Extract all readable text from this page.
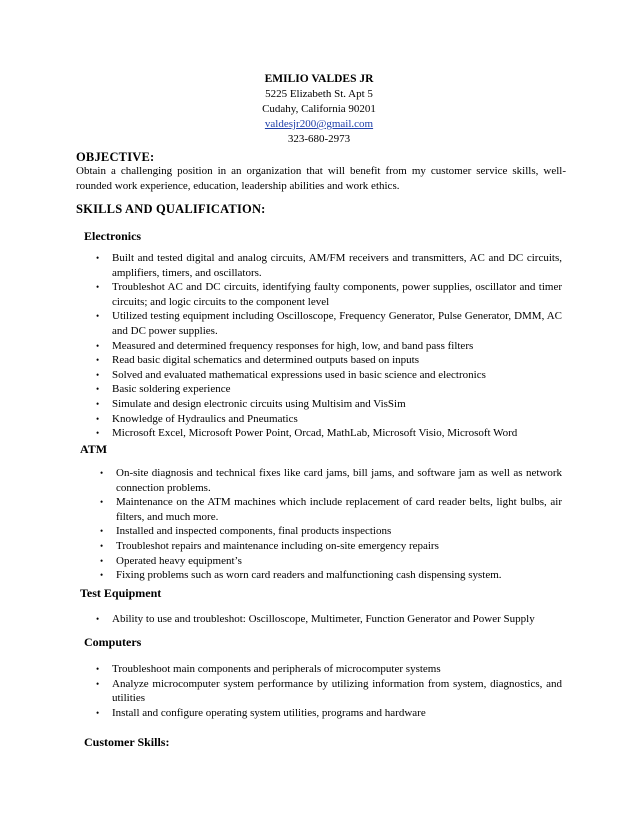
EMILIO VALDES JR
5225 Elizabeth St. Apt 5
Cudahy, California 90201
valdesjr200@gmail.com
323-680-2973
OBJECTIVE:
Obtain a challenging position in an organization that will benefit from my customer service skills, well-rounded work experience, education, leadership abilities and work ethics.
SKILLS AND QUALIFICATION:
Electronics
• Built and tested digital and analog circuits, AM/FM receivers and transmitters, AC and DC circuits, amplifiers, timers, and oscillators.
• Troubleshot AC and DC circuits, identifying faulty components, power supplies, oscillator and timer circuits; and logic circuits to the component level
• Utilized testing equipment including Oscilloscope, Frequency Generator, Pulse Generator, DMM, AC and DC power supplies.
• Measured and determined frequency responses for high, low, and band pass filters
• Read basic digital schematics and determined outputs based on inputs
• Solved and evaluated mathematical expressions used in basic science and electronics
• Basic soldering experience
• Simulate and design electronic circuits using Multisim and VisSim
• Knowledge of Hydraulics and Pneumatics
• Microsoft Excel, Microsoft Power Point, Orcad, MathLab, Microsoft Visio, Microsoft Word
ATM
• On-site diagnosis and technical fixes like card jams, bill jams, and software jam as well as network connection problems.
• Maintenance on the ATM machines which include replacement of card reader belts, light bulbs, air filters, and much more.
• Installed and inspected components, final products inspections
• Troubleshot repairs and maintenance including on-site emergency repairs
• Operated heavy equipment’s
• Fixing problems such as worn card readers and malfunctioning cash dispensing system.
Test Equipment
• Ability to use and troubleshot: Oscilloscope, Multimeter, Function Generator and Power Supply
Computers
• Troubleshoot main components and peripherals of microcomputer systems
• Analyze microcomputer system performance by utilizing information from system, diagnostics, and utilities
• Install and configure operating system utilities, programs and hardware
Customer Skills:
